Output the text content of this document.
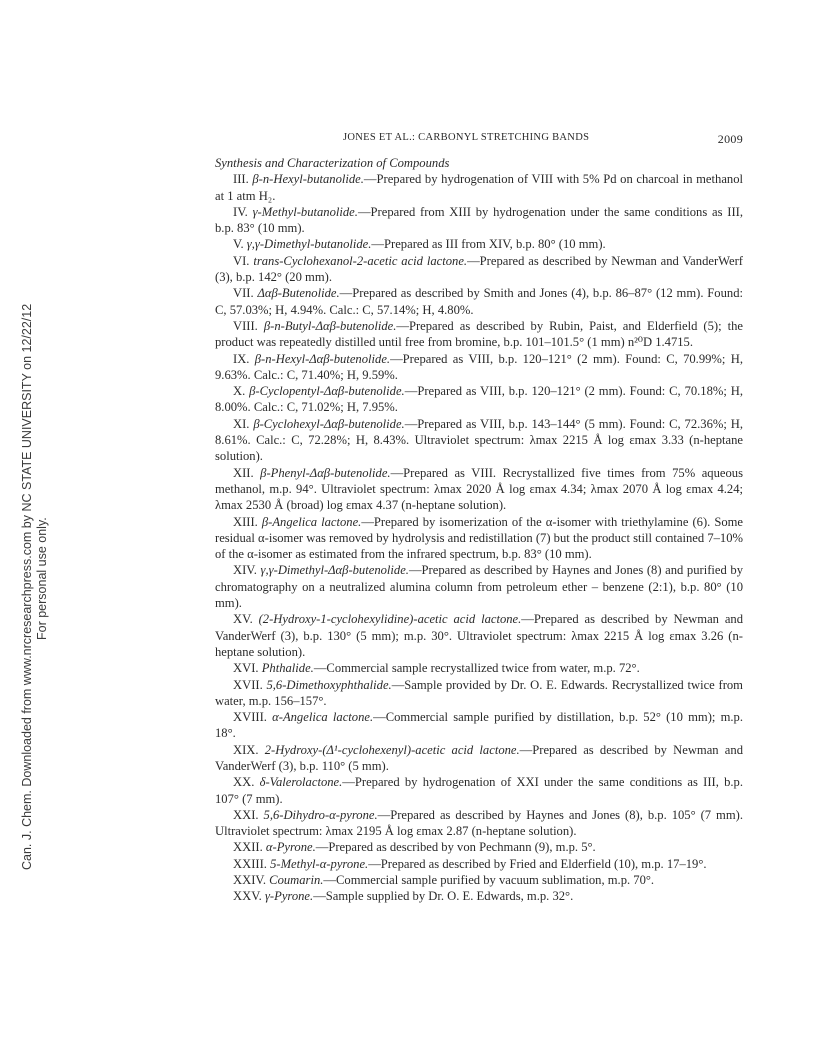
Can. J. Chem. Downloaded from www.nrcresearchpress.com by NC STATE UNIVERSITY on 12/22/12 For personal use only.
JONES ET AL.: CARBONYL STRETCHING BANDS	2009

Synthesis and Characterization of Compounds

III. β-n-Hexyl-butanolide.—Prepared by hydrogenation of VIII with 5% Pd on charcoal in methanol at 1 atm H₂.

IV. γ-Methyl-butanolide.—Prepared from XIII by hydrogenation under the same conditions as III, b.p. 83° (10 mm).

V. γ,γ-Dimethyl-butanolide.—Prepared as III from XIV, b.p. 80° (10 mm).

VI. trans-Cyclohexanol-2-acetic acid lactone.—Prepared as described by Newman and VanderWerf (3), b.p. 142° (20 mm).

VII. Δαβ-Butenolide.—Prepared as described by Smith and Jones (4), b.p. 86–87° (12 mm). Found: C, 57.03%; H, 4.94%. Calc.: C, 57.14%; H, 4.80%.

VIII. β-n-Butyl-Δαβ-butenolide.—Prepared as described by Rubin, Paist, and Elderfield (5); the product was repeatedly distilled until free from bromine, b.p. 101–101.5° (1 mm) n²⁰D 1.4715.

IX. β-n-Hexyl-Δαβ-butenolide.—Prepared as VIII, b.p. 120–121° (2 mm). Found: C, 70.99%; H, 9.63%. Calc.: C, 71.40%; H, 9.59%.

X. β-Cyclopentyl-Δαβ-butenolide.—Prepared as VIII, b.p. 120–121° (2 mm). Found: C, 70.18%; H, 8.00%. Calc.: C, 71.02%; H, 7.95%.

XI. β-Cyclohexyl-Δαβ-butenolide.—Prepared as VIII, b.p. 143–144° (5 mm). Found: C, 72.36%; H, 8.61%. Calc.: C, 72.28%; H, 8.43%. Ultraviolet spectrum: λmax 2215 Å log εmax 3.33 (n-heptane solution).

XII. β-Phenyl-Δαβ-butenolide.—Prepared as VIII. Recrystallized five times from 75% aqueous methanol, m.p. 94°. Ultraviolet spectrum: λmax 2020 Å log εmax 4.34; λmax 2070 Å log εmax 4.24; λmax 2530 Å (broad) log εmax 4.37 (n-heptane solution).

XIII. β-Angelica lactone.—Prepared by isomerization of the α-isomer with triethylamine (6). Some residual α-isomer was removed by hydrolysis and redistillation (7) but the product still contained 7–10% of the α-isomer as estimated from the infrared spectrum, b.p. 83° (10 mm).

XIV. γ,γ-Dimethyl-Δαβ-butenolide.—Prepared as described by Haynes and Jones (8) and purified by chromatography on a neutralized alumina column from petroleum ether – benzene (2:1), b.p. 80° (10 mm).

XV. (2-Hydroxy-1-cyclohexylidine)-acetic acid lactone.—Prepared as described by Newman and VanderWerf (3), b.p. 130° (5 mm); m.p. 30°. Ultraviolet spectrum: λmax 2215 Å log εmax 3.26 (n-heptane solution).

XVI. Phthalide.—Commercial sample recrystallized twice from water, m.p. 72°.

XVII. 5,6-Dimethoxyphthalide.—Sample provided by Dr. O. E. Edwards. Recrystallized twice from water, m.p. 156–157°.

XVIII. α-Angelica lactone.—Commercial sample purified by distillation, b.p. 52° (10 mm); m.p. 18°.

XIX. 2-Hydroxy-(Δ¹-cyclohexenyl)-acetic acid lactone.—Prepared as described by Newman and VanderWerf (3), b.p. 110° (5 mm).

XX. δ-Valerolactone.—Prepared by hydrogenation of XXI under the same conditions as III, b.p. 107° (7 mm).

XXI. 5,6-Dihydro-α-pyrone.—Prepared as described by Haynes and Jones (8), b.p. 105° (7 mm). Ultraviolet spectrum: λmax 2195 Å log εmax 2.87 (n-heptane solution).

XXII. α-Pyrone.—Prepared as described by von Pechmann (9), m.p. 5°.

XXIII. 5-Methyl-α-pyrone.—Prepared as described by Fried and Elderfield (10), m.p. 17–19°.

XXIV. Coumarin.—Commercial sample purified by vacuum sublimation, m.p. 70°.

XXV. γ-Pyrone.—Sample supplied by Dr. O. E. Edwards, m.p. 32°.
